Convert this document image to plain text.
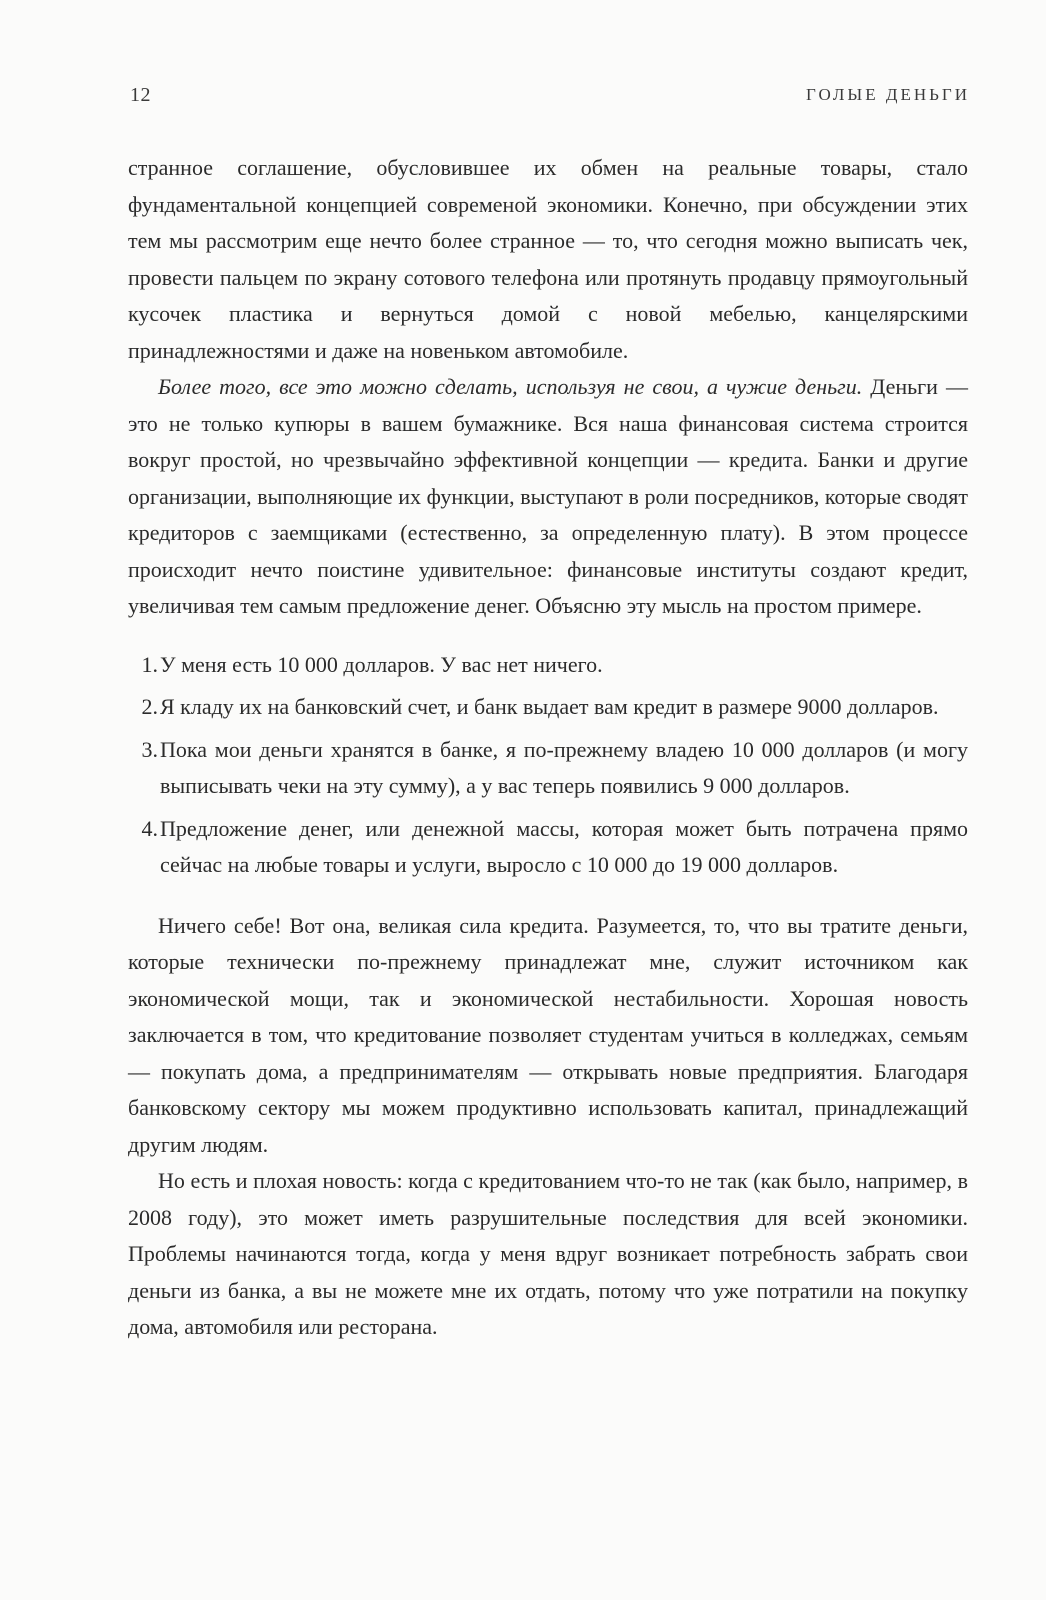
12	ГОЛЫЕ ДЕНЬГИ

странное соглашение, обусловившее их обмен на реальные товары, стало фундаментальной концепцией современой экономики. Конечно, при обсуждении этих тем мы рассмотрим еще нечто более странное — то, что сегодня можно выписать чек, провести пальцем по экрану сотового телефона или протянуть продавцу прямоугольный кусочек пластика и вернуться домой с новой мебелью, канцелярскими принадлежностями и даже на новеньком автомобиле.

Более того, все это можно сделать, используя не свои, а чужие деньги. Деньги — это не только купюры в вашем бумажнике. Вся наша финансовая система строится вокруг простой, но чрезвычайно эффективной концепции — кредита. Банки и другие организации, выполняющие их функции, выступают в роли посредников, которые сводят кредиторов с заемщиками (естественно, за определенную плату). В этом процессе происходит нечто поистине удивительное: финансовые институты создают кредит, увеличивая тем самым предложение денег. Объясню эту мысль на простом примере.

1. У меня есть 10 000 долларов. У вас нет ничего.
2. Я кладу их на банковский счет, и банк выдает вам кредит в размере 9000 долларов.
3. Пока мои деньги хранятся в банке, я по-прежнему владею 10 000 долларов (и могу выписывать чеки на эту сумму), а у вас теперь появились 9 000 долларов.
4. Предложение денег, или денежной массы, которая может быть потрачена прямо сейчас на любые товары и услуги, выросло с 10 000 до 19 000 долларов.

Ничего себе! Вот она, великая сила кредита. Разумеется, то, что вы тратите деньги, которые технически по-прежнему принадлежат мне, служит источником как экономической мощи, так и экономической нестабильности. Хорошая новость заключается в том, что кредитование позволяет студентам учиться в колледжах, семьям — покупать дома, а предпринимателям — открывать новые предприятия. Благодаря банковскому сектору мы можем продуктивно использовать капитал, принадлежащий другим людям.

Но есть и плохая новость: когда с кредитованием что-то не так (как было, например, в 2008 году), это может иметь разрушительные последствия для всей экономики. Проблемы начинаются тогда, когда у меня вдруг возникает потребность забрать свои деньги из банка, а вы не можете мне их отдать, потому что уже потратили на покупку дома, автомобиля или ресторана.
